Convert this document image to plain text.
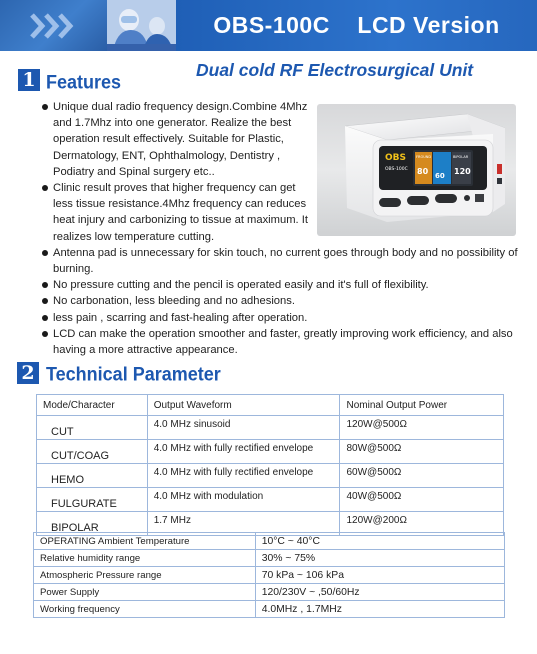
OBS-100C    LCD Version
1 Features
Dual cold RF Electrosurgical Unit
OBS
OBS-100C
FROUND	BIPOLAR
80 60 120
Unique dual radio frequency design.Combine 4Mhz and 1.7Mhz into one generator. Realize the best operation result effectively. Suitable for Plastic, Dermatology, ENT, Ophthalmology, Dentistry , Podiatry and Spinal surgery etc..
Clinic result proves that higher frequency can get less tissue resistance.4Mhz frequency can reduces heat injury and carbonizing to tissue at maximum. It realizes low temperature cutting.
Antenna pad is unnecessary for skin touch, no current goes through body and no possibility of burning.
No pressure cutting and the pencil is operated easily and it's full of flexibility.
No carbonation, less bleeding and no adhesions.
less pain , scarring and fast-healing after operation.
LCD can make the operation smoother and faster, greatly improving work efficiency, and also having a more attractive appearance.
2 Technical Parameter
Mode/Character	Output Waveform	Nominal Output Power
CUT	4.0 MHz sinusoid	120W@500Ω
CUT/COAG	4.0 MHz with fully rectified envelope	80W@500Ω
HEMO	4.0 MHz with fully rectified envelope	60W@500Ω
FULGURATE	4.0 MHz with modulation	40W@500Ω
BIPOLAR	1.7 MHz	120W@200Ω
OPERATING Ambient Temperature	10°C ~ 40°C
Relative humidity range	30% ~ 75%
Atmospheric Pressure range	70 kPa ~ 106 kPa
Power Supply	120/230V ~ ,50/60Hz
Working frequency	4.0MHz , 1.7MHz
